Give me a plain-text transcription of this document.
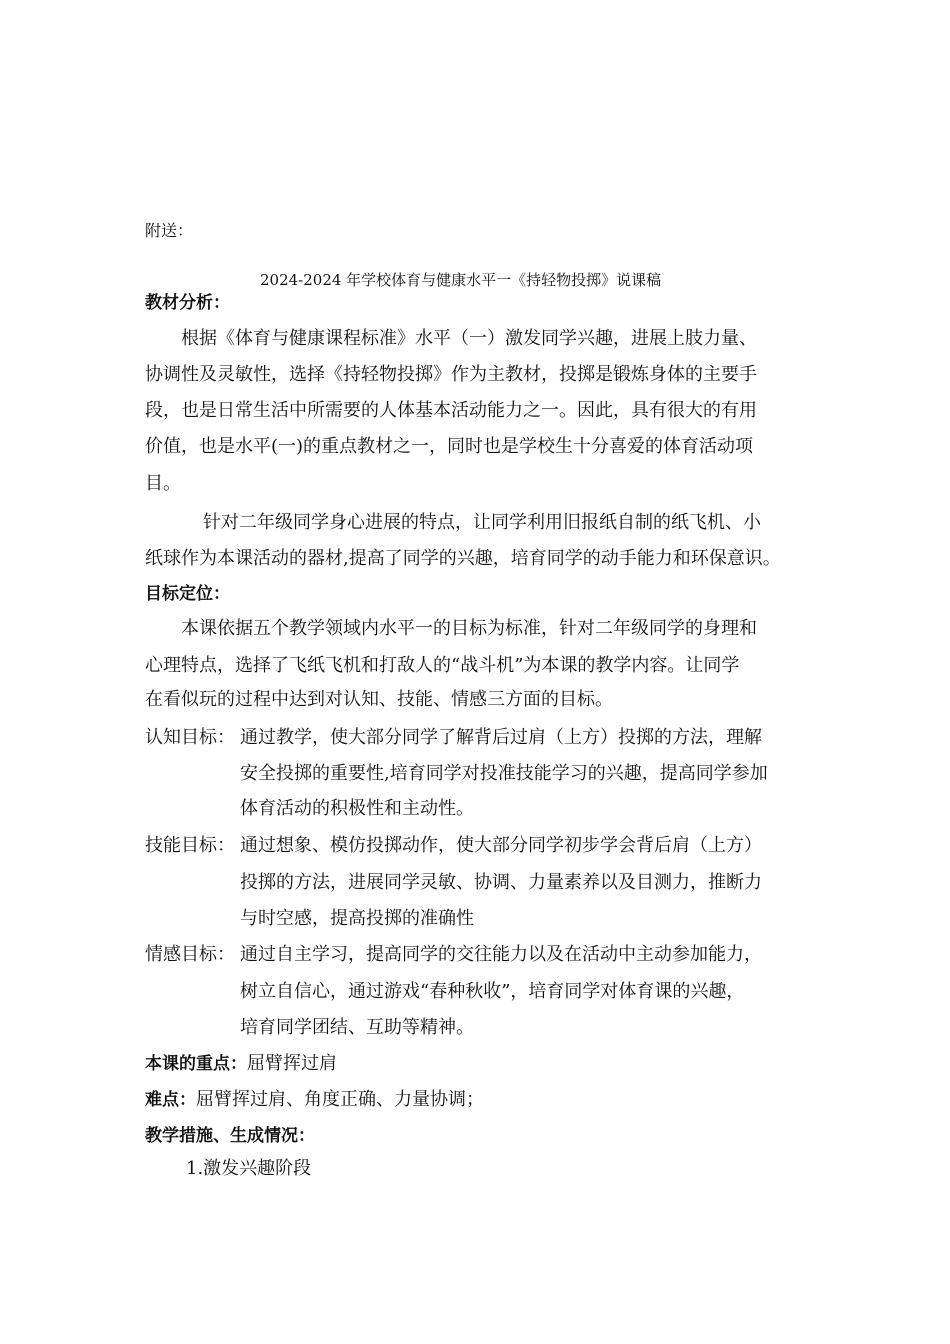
附送：
2024-2024 年学校体育与健康水平一《持轻物投掷》说课稿
教材分析：
根据《体育与健康课程标准》水平（一）激发同学兴趣，进展上肢力量、
协调性及灵敏性，选择《持轻物投掷》作为主教材，投掷是锻炼身体的主要手
段，也是日常生活中所需要的人体基本活动能力之一。因此，具有很大的有用
价值，也是水平(一)的重点教材之一，同时也是学校生十分喜爱的体育活动项
目。
针对二年级同学身心进展的特点，让同学利用旧报纸自制的纸飞机、小
纸球作为本课活动的器材,提高了同学的兴趣，培育同学的动手能力和环保意识。
目标定位：
本课依据五个教学领域内水平一的目标为标准，针对二年级同学的身理和
心理特点，选择了飞纸飞机和打敌人的“战斗机”为本课的教学内容。让同学
在看似玩的过程中达到对认知、技能、情感三方面的目标。
认知目标： 通过教学，使大部分同学了解背后过肩（上方）投掷的方法，理解
安全投掷的重要性,培育同学对投准技能学习的兴趣，提高同学参加
体育活动的积极性和主动性。
技能目标： 通过想象、模仿投掷动作，使大部分同学初步学会背后肩（上方）
投掷的方法，进展同学灵敏、协调、力量素养以及目测力，推断力
与时空感，提高投掷的准确性
情感目标： 通过自主学习，提高同学的交往能力以及在活动中主动参加能力，
树立自信心，通过游戏“春种秋收”，培育同学对体育课的兴趣，
培育同学团结、互助等精神。
本课的重点：屈臂挥过肩
难点：屈臂挥过肩、角度正确、力量协调；
教学措施、生成情况：
1.激发兴趣阶段
